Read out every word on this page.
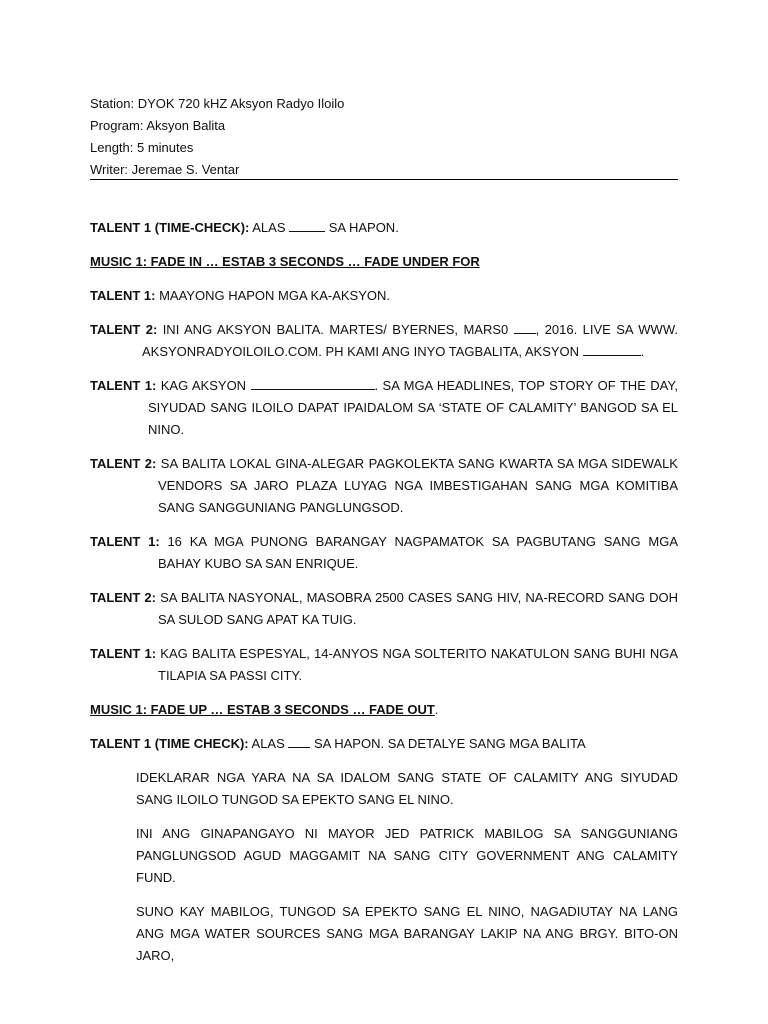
Station: DYOK 720 kHZ Aksyon Radyo Iloilo
Program: Aksyon Balita
Length: 5 minutes
Writer: Jeremae S. Ventar

TALENT 1 (TIME-CHECK): ALAS	SA HAPON.

MUSIC 1: FADE IN … ESTAB 3 SECONDS … FADE UNDER FOR

TALENT 1: MAAYONG HAPON MGA KA-AKSYON.

TALENT 2: INI ANG AKSYON BALITA. MARTES/ BYERNES, MARS0 , 2016. LIVE SA WWW. AKSYONRADYOILOILO.COM. PH KAMI ANG INYO TAGBALITA, AKSYON	.

TALENT 1: KAG AKSYON	. SA MGA HEADLINES, TOP STORY OF THE DAY, SIYUDAD SANG ILOILO DAPAT IPAIDALOM SA ‘STATE OF CALAMITY’ BANGOD SA EL NINO.

TALENT 2: SA BALITA LOKAL GINA-ALEGAR PAGKOLEKTA SANG KWARTA SA MGA SIDEWALK VENDORS SA JARO PLAZA LUYAG NGA IMBESTIGAHAN SANG MGA KOMITIBA SANG SANGGUNIANG PANGLUNGSOD.

TALENT 1: 16 KA MGA PUNONG BARANGAY NAGPAMATOK SA PAGBUTANG SANG MGA BAHAY KUBO SA SAN ENRIQUE.

TALENT 2: SA BALITA NASYONAL, MASOBRA 2500 CASES SANG HIV, NA-RECORD SANG DOH SA SULOD SANG APAT KA TUIG.

TALENT 1: KAG BALITA ESPESYAL, 14-ANYOS NGA SOLTERITO NAKATULON SANG BUHI NGA TILAPIA SA PASSI CITY.

MUSIC 1: FADE UP … ESTAB 3 SECONDS … FADE OUT.

TALENT 1 (TIME CHECK): ALAS  SA HAPON. SA DETALYE SANG MGA BALITA

IDEKLARAR NGA YARA NA SA IDALOM SANG STATE OF CALAMITY ANG SIYUDAD SANG ILOILO TUNGOD SA EPEKTO SANG EL NINO.

INI ANG GINAPANGAYO NI MAYOR JED PATRICK MABILOG SA SANGGUNIANG PANGLUNGSOD AGUD MAGGAMIT NA SANG CITY GOVERNMENT ANG CALAMITY FUND.

SUNO KAY MABILOG, TUNGOD SA EPEKTO SANG EL NINO, NAGADIUTAY NA LANG ANG MGA WATER SOURCES SANG MGA BARANGAY LAKIP NA ANG BRGY. BITO-ON JARO,
